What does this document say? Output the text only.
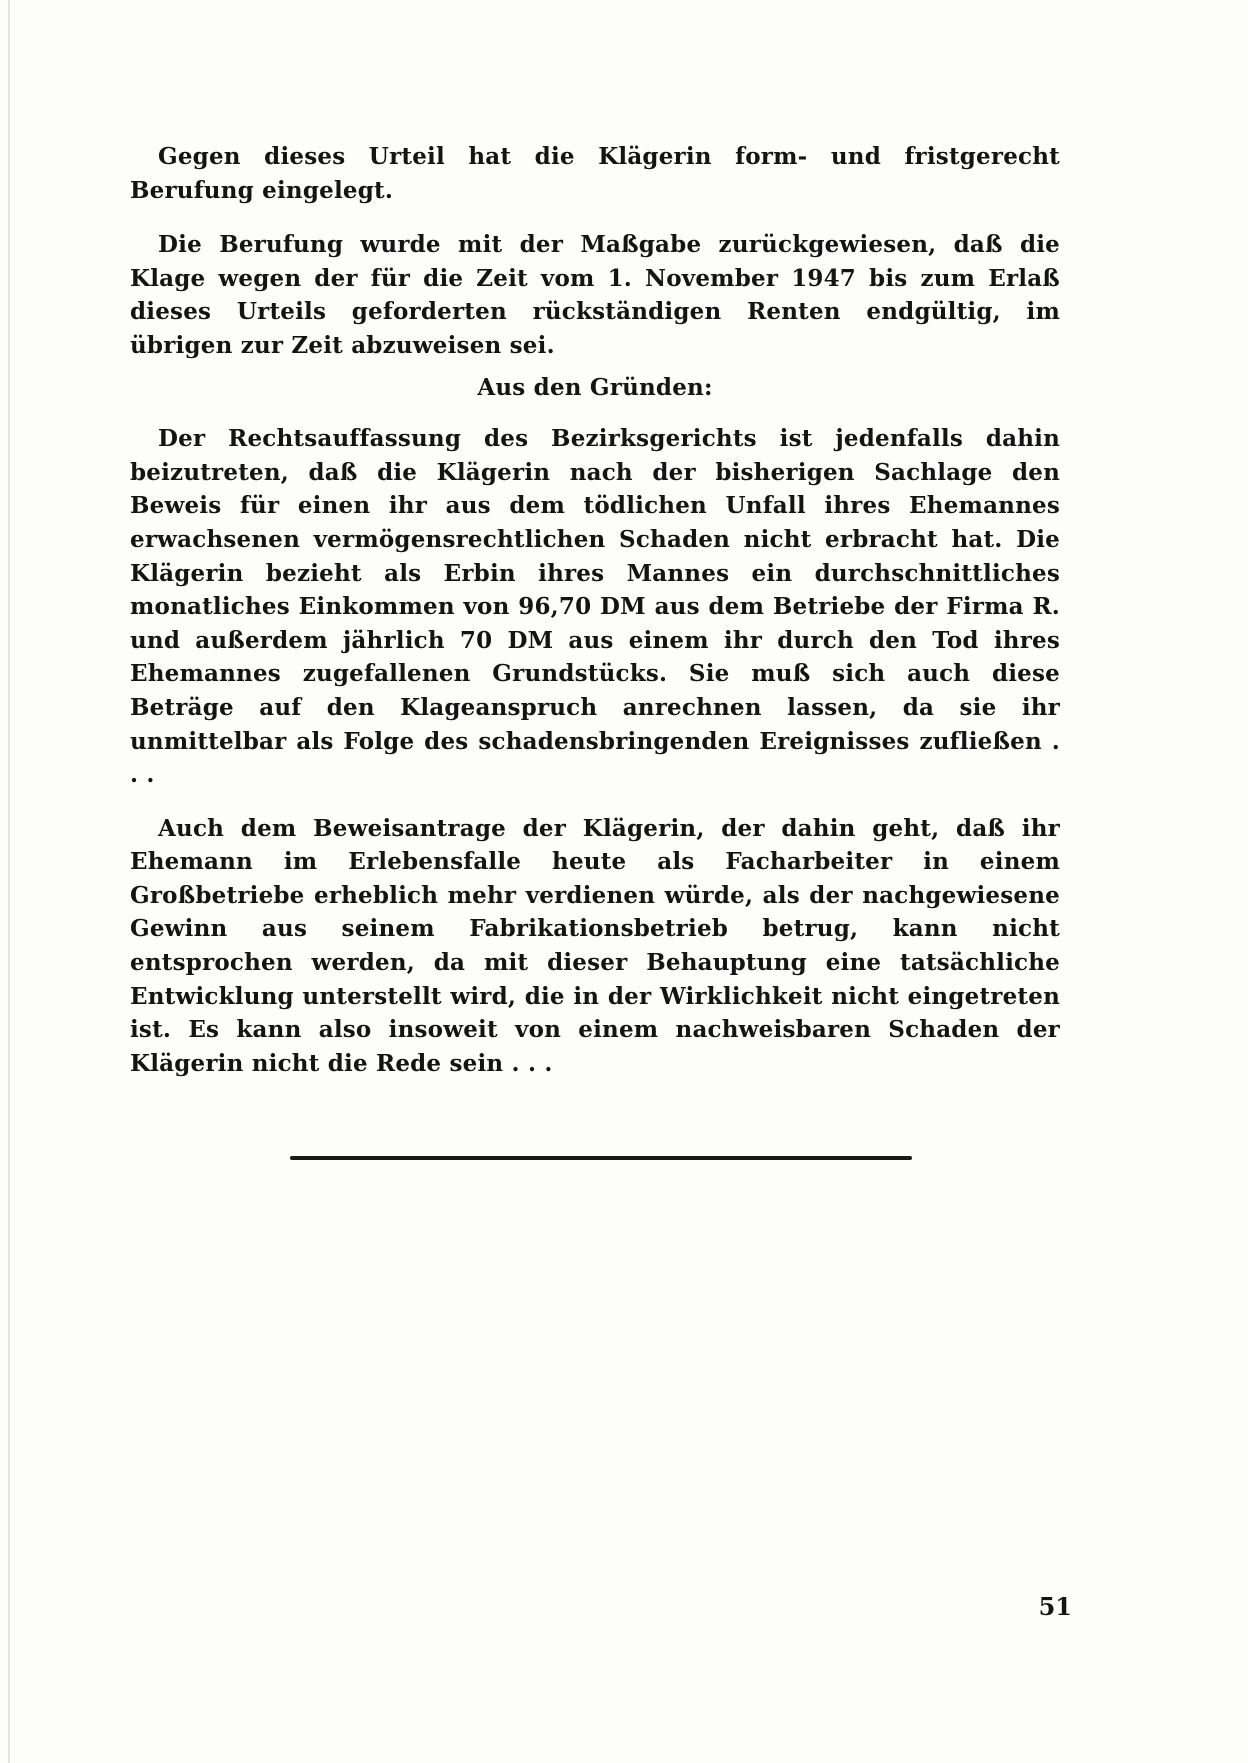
Gegen dieses Urteil hat die Klägerin form- und fristgerecht Berufung eingelegt.

Die Berufung wurde mit der Maßgabe zurückgewiesen, daß die Klage wegen der für die Zeit vom 1. November 1947 bis zum Erlaß dieses Urteils geforderten rückständigen Renten endgültig, im übrigen zur Zeit abzuweisen sei.

Aus den Gründen:

Der Rechtsauffassung des Bezirksgerichts ist jedenfalls dahin beizutreten, daß die Klägerin nach der bisherigen Sachlage den Beweis für einen ihr aus dem tödlichen Unfall ihres Ehemannes erwachsenen vermögensrechtlichen Schaden nicht erbracht hat. Die Klägerin bezieht als Erbin ihres Mannes ein durchschnittliches monatliches Einkommen von 96,70 DM aus dem Betriebe der Firma R. und außerdem jährlich 70 DM aus einem ihr durch den Tod ihres Ehemannes zugefallenen Grundstücks. Sie muß sich auch diese Beträge auf den Klageanspruch anrechnen lassen, da sie ihr unmittelbar als Folge des schadensbringenden Ereignisses zufließen . . .

Auch dem Beweisantrage der Klägerin, der dahin geht, daß ihr Ehemann im Erlebensfalle heute als Facharbeiter in einem Großbetriebe erheblich mehr verdienen würde, als der nachgewiesene Gewinn aus seinem Fabrikationsbetrieb betrug, kann nicht entsprochen werden, da mit dieser Behauptung eine tatsächliche Entwicklung unterstellt wird, die in der Wirklichkeit nicht eingetreten ist. Es kann also insoweit von einem nachweisbaren Schaden der Klägerin nicht die Rede sein . . .

51
